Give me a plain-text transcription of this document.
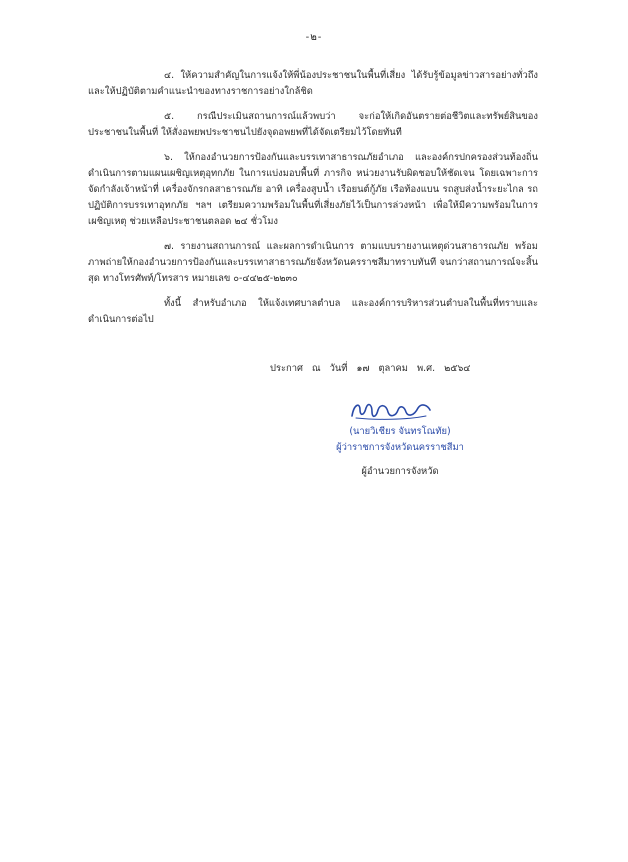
-๒-

๔. ให้ความสำคัญในการแจ้งให้พี่น้องประชาชนในพื้นที่เสี่ยง ได้รับรู้ข้อมูลข่าวสารอย่างทั่วถึง และให้ปฏิบัติตามคำแนะนำของทางราชการอย่างใกล้ชิด

๕. กรณีประเมินสถานการณ์แล้วพบว่า จะก่อให้เกิดอันตรายต่อชีวิตและทรัพย์สินของประชาชนในพื้นที่ ให้สั่งอพยพประชาชนไปยังจุดอพยพที่ได้จัดเตรียมไว้โดยทันที

๖. ให้กองอำนวยการป้องกันและบรรเทาสาธารณภัยอำเภอ และองค์กรปกครองส่วนท้องถิ่น ดำเนินการตามแผนเผชิญเหตุอุทกภัย ในการแบ่งมอบพื้นที่ ภารกิจ หน่วยงานรับผิดชอบให้ชัดเจน โดยเฉพาะการจัดกำลังเจ้าหน้าที่ เครื่องจักรกลสาธารณภัย อาทิ เครื่องสูบน้ำ เรือยนต์กู้ภัย เรือท้องแบน รถสูบส่งน้ำระยะไกล รถปฏิบัติการบรรเทาอุทกภัย ฯลฯ เตรียมความพร้อมในพื้นที่เสี่ยงภัยไว้เป็นการล่วงหน้า เพื่อให้มีความพร้อมในการเผชิญเหตุ ช่วยเหลือประชาชนตลอด ๒๔ ชั่วโมง

๗. รายงานสถานการณ์ และผลการดำเนินการ ตามแบบรายงานเหตุด่วนสาธารณภัย พร้อมภาพถ่ายให้กองอำนวยการป้องกันและบรรเทาสาธารณภัยจังหวัดนครราชสีมาทราบทันที จนกว่าสถานการณ์จะสิ้นสุด ทางโทรศัพท์/โทรสาร หมายเลข ๐-๔๔๒๕-๒๒๓๐

ทั้งนี้ สำหรับอำเภอ ให้แจ้งเทศบาลตำบล และองค์การบริหารส่วนตำบลในพื้นที่ทราบและดำเนินการต่อไป

ประกาศ ณ วันที่ ๑๗ ตุลาคม พ.ศ. ๒๕๖๔
(นายวิเชียร จันทรโณทัย)
ผู้ว่าราชการจังหวัดนครราชสีมา
ผู้อำนวยการจังหวัด
